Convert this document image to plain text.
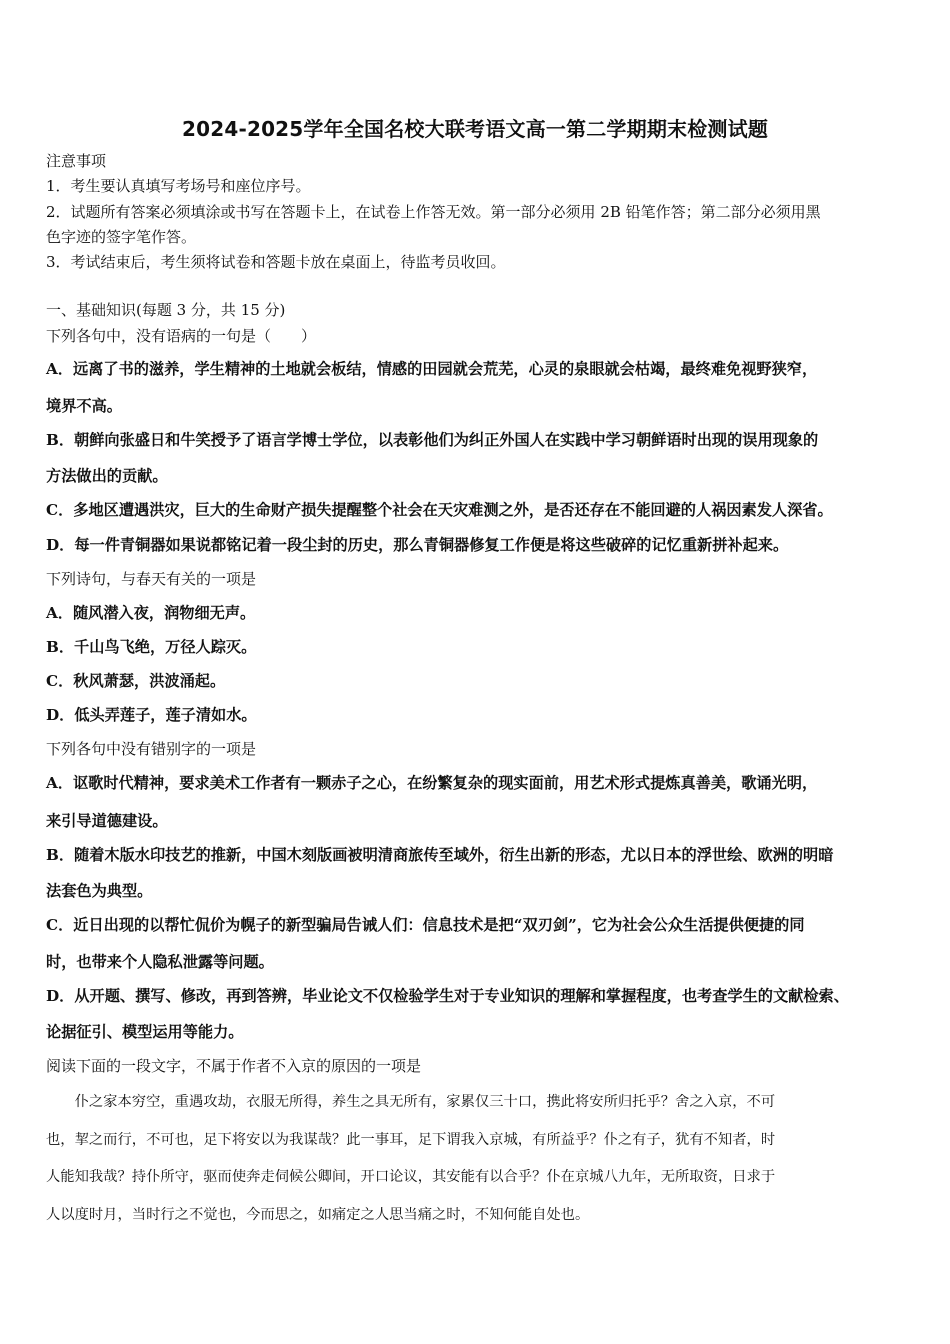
2024-2025学年全国名校大联考语文高一第二学期期末检测试题
注意事项
1．考生要认真填写考场号和座位序号。
2．试题所有答案必须填涂或书写在答题卡上，在试卷上作答无效。第一部分必须用 2B 铅笔作答；第二部分必须用黑
色字迹的签字笔作答。
3．考试结束后，考生须将试卷和答题卡放在桌面上，待监考员收回。
一、基础知识(每题 3 分，共 15 分)
下列各句中，没有语病的一句是（　　）
A．远离了书的滋养，学生精神的土地就会板结，情感的田园就会荒芜，心灵的泉眼就会枯竭，最终难免视野狭窄，
境界不高。
B．朝鲜向张盛日和牛笑授予了语言学博士学位，以表彰他们为纠正外国人在实践中学习朝鲜语时出现的误用现象的
方法做出的贡献。
C．多地区遭遇洪灾，巨大的生命财产损失提醒整个社会在天灾难测之外，是否还存在不能回避的人祸因素发人深省。
D．每一件青铜器如果说都铭记着一段尘封的历史，那么青铜器修复工作便是将这些破碎的记忆重新拼补起来。
下列诗句，与春天有关的一项是
A．随风潜入夜，润物细无声。
B．千山鸟飞绝，万径人踪灭。
C．秋风萧瑟，洪波涌起。
D．低头弄莲子，莲子清如水。
下列各句中没有错别字的一项是
A．讴歌时代精神，要求美术工作者有一颗赤子之心，在纷繁复杂的现实面前，用艺术形式提炼真善美，歌诵光明，
来引导道德建设。
B．随着木版水印技艺的推新，中国木刻版画被明清商旅传至域外，衍生出新的形态，尤以日本的浮世绘、欧洲的明暗
法套色为典型。
C．近日出现的以帮忙侃价为幌子的新型骗局告诫人们：信息技术是把“双刃剑”，它为社会公众生活提供便捷的同
时，也带来个人隐私泄露等问题。
D．从开题、撰写、修改，再到答辨，毕业论文不仅检验学生对于专业知识的理解和掌握程度，也考查学生的文献检索、
论据征引、模型运用等能力。
阅读下面的一段文字，不属于作者不入京的原因的一项是
　　仆之家本穷空，重遇攻劫，衣服无所得，养生之具无所有，家累仅三十口，携此将安所归托乎？舍之入京，不可
也，挈之而行，不可也，足下将安以为我谋哉？此一事耳，足下谓我入京城，有所益乎？仆之有子，犹有不知者，时
人能知我哉？持仆所守，驱而使奔走伺候公卿间，开口论议，其安能有以合乎？仆在京城八九年，无所取资，日求于
人以度时月，当时行之不觉也，今而思之，如痛定之人思当痛之时，不知何能自处也。
